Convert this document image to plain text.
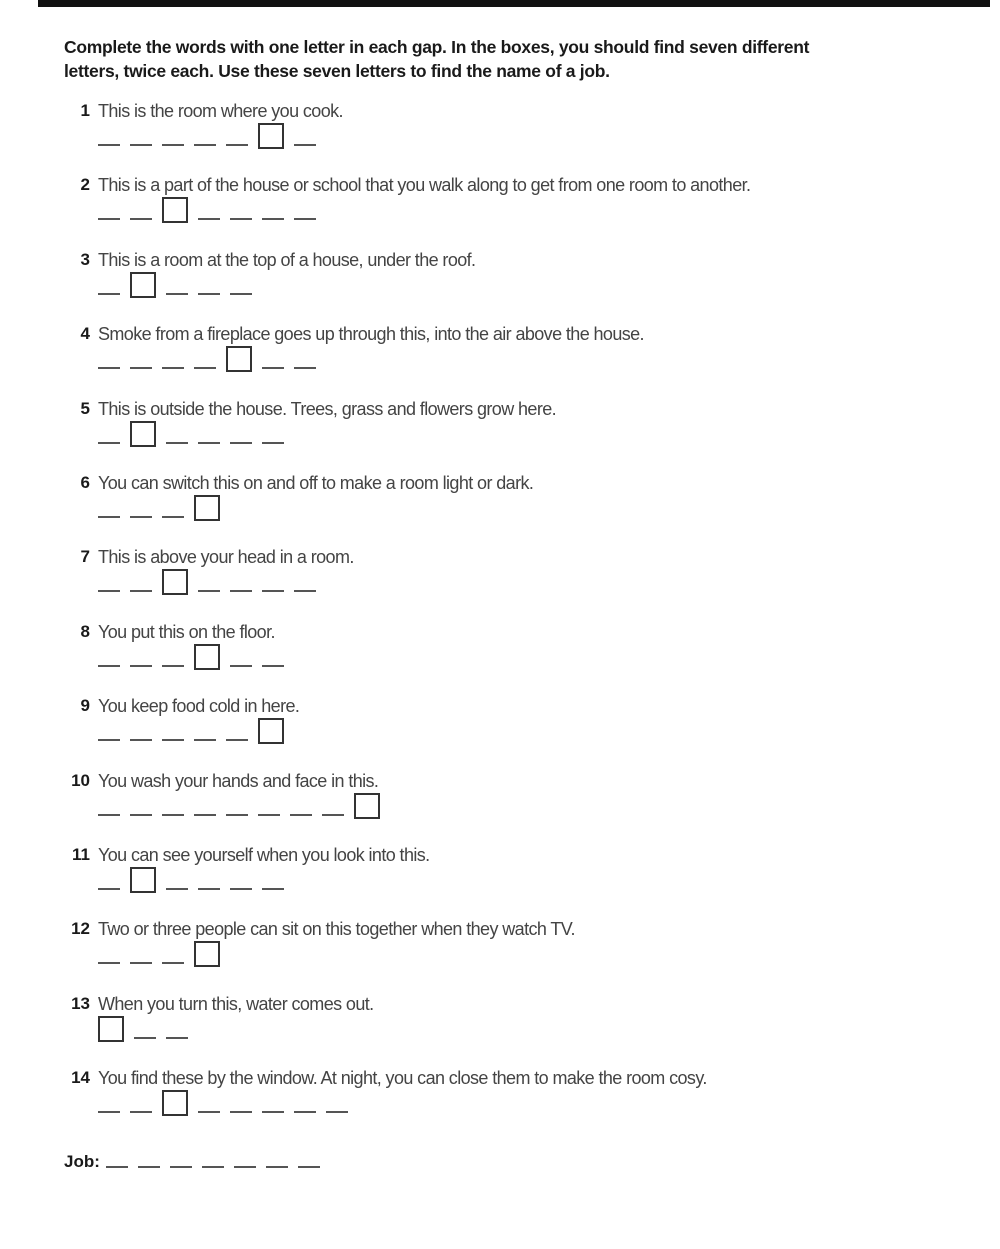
Complete the words with one letter in each gap. In the boxes, you should find seven different letters, twice each. Use these seven letters to find the name of a job.
1 This is the room where you cook.
2 This is a part of the house or school that you walk along to get from one room to another.
3 This is a room at the top of a house, under the roof.
4 Smoke from a fireplace goes up through this, into the air above the house.
5 This is outside the house. Trees, grass and flowers grow here.
6 You can switch this on and off to make a room light or dark.
7 This is above your head in a room.
8 You put this on the floor.
9 You keep food cold in here.
10 You wash your hands and face in this.
11 You can see yourself when you look into this.
12 Two or three people can sit on this together when they watch TV.
13 When you turn this, water comes out.
14 You find these by the window. At night, you can close them to make the room cosy.
Job:
